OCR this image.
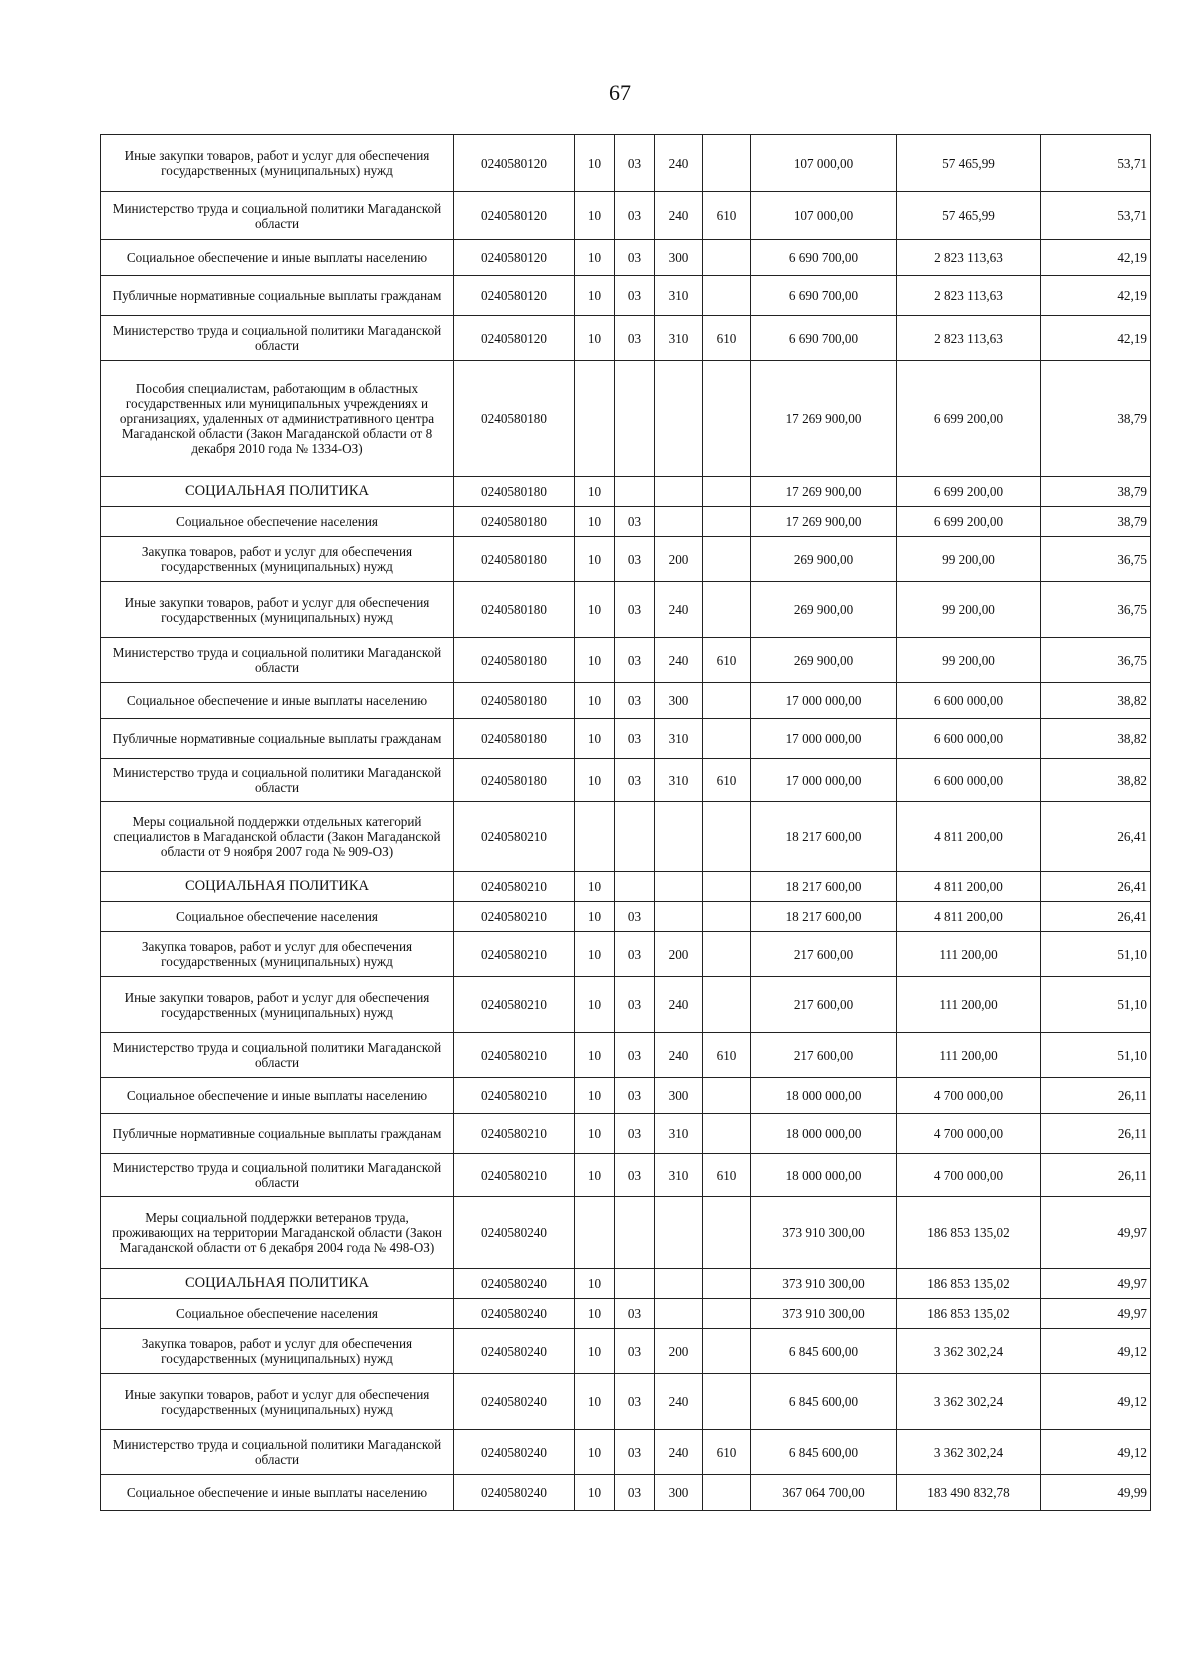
67
Иные закупки товаров, работ и услуг для обеспечения государственных (муниципальных) нужд	0240580120	10	03	240		107 000,00	57 465,99	53,71
Министерство труда и социальной политики Магаданской области	0240580120	10	03	240	610	107 000,00	57 465,99	53,71
Социальное обеспечение и иные выплаты населению	0240580120	10	03	300		6 690 700,00	2 823 113,63	42,19
Публичные нормативные социальные выплаты гражданам	0240580120	10	03	310		6 690 700,00	2 823 113,63	42,19
Министерство труда и социальной политики Магаданской области	0240580120	10	03	310	610	6 690 700,00	2 823 113,63	42,19
Пособия специалистам, работающим в областных государственных или муниципальных учреждениях и организациях, удаленных от административного центра Магаданской области (Закон Магаданской области от 8 декабря 2010 года № 1334-ОЗ)	0240580180					17 269 900,00	6 699 200,00	38,79
СОЦИАЛЬНАЯ ПОЛИТИКА	0240580180	10				17 269 900,00	6 699 200,00	38,79
Социальное обеспечение населения	0240580180	10	03			17 269 900,00	6 699 200,00	38,79
Закупка товаров, работ и услуг для обеспечения государственных (муниципальных) нужд	0240580180	10	03	200		269 900,00	99 200,00	36,75
Иные закупки товаров, работ и услуг для обеспечения государственных (муниципальных) нужд	0240580180	10	03	240		269 900,00	99 200,00	36,75
Министерство труда и социальной политики Магаданской области	0240580180	10	03	240	610	269 900,00	99 200,00	36,75
Социальное обеспечение и иные выплаты населению	0240580180	10	03	300		17 000 000,00	6 600 000,00	38,82
Публичные нормативные социальные выплаты гражданам	0240580180	10	03	310		17 000 000,00	6 600 000,00	38,82
Министерство труда и социальной политики Магаданской области	0240580180	10	03	310	610	17 000 000,00	6 600 000,00	38,82
Меры социальной поддержки отдельных категорий специалистов в Магаданской области (Закон Магаданской области от 9 ноября 2007 года № 909-ОЗ)	0240580210					18 217 600,00	4 811 200,00	26,41
СОЦИАЛЬНАЯ ПОЛИТИКА	0240580210	10				18 217 600,00	4 811 200,00	26,41
Социальное обеспечение населения	0240580210	10	03			18 217 600,00	4 811 200,00	26,41
Закупка товаров, работ и услуг для обеспечения государственных (муниципальных) нужд	0240580210	10	03	200		217 600,00	111 200,00	51,10
Иные закупки товаров, работ и услуг для обеспечения государственных (муниципальных) нужд	0240580210	10	03	240		217 600,00	111 200,00	51,10
Министерство труда и социальной политики Магаданской области	0240580210	10	03	240	610	217 600,00	111 200,00	51,10
Социальное обеспечение и иные выплаты населению	0240580210	10	03	300		18 000 000,00	4 700 000,00	26,11
Публичные нормативные социальные выплаты гражданам	0240580210	10	03	310		18 000 000,00	4 700 000,00	26,11
Министерство труда и социальной политики Магаданской области	0240580210	10	03	310	610	18 000 000,00	4 700 000,00	26,11
Меры социальной поддержки ветеранов труда, проживающих на территории Магаданской области (Закон Магаданской области от 6 декабря 2004 года № 498-ОЗ)	0240580240					373 910 300,00	186 853 135,02	49,97
СОЦИАЛЬНАЯ ПОЛИТИКА	0240580240	10				373 910 300,00	186 853 135,02	49,97
Социальное обеспечение населения	0240580240	10	03			373 910 300,00	186 853 135,02	49,97
Закупка товаров, работ и услуг для обеспечения государственных (муниципальных) нужд	0240580240	10	03	200		6 845 600,00	3 362 302,24	49,12
Иные закупки товаров, работ и услуг для обеспечения государственных (муниципальных) нужд	0240580240	10	03	240		6 845 600,00	3 362 302,24	49,12
Министерство труда и социальной политики Магаданской области	0240580240	10	03	240	610	6 845 600,00	3 362 302,24	49,12
Социальное обеспечение и иные выплаты населению	0240580240	10	03	300		367 064 700,00	183 490 832,78	49,99
